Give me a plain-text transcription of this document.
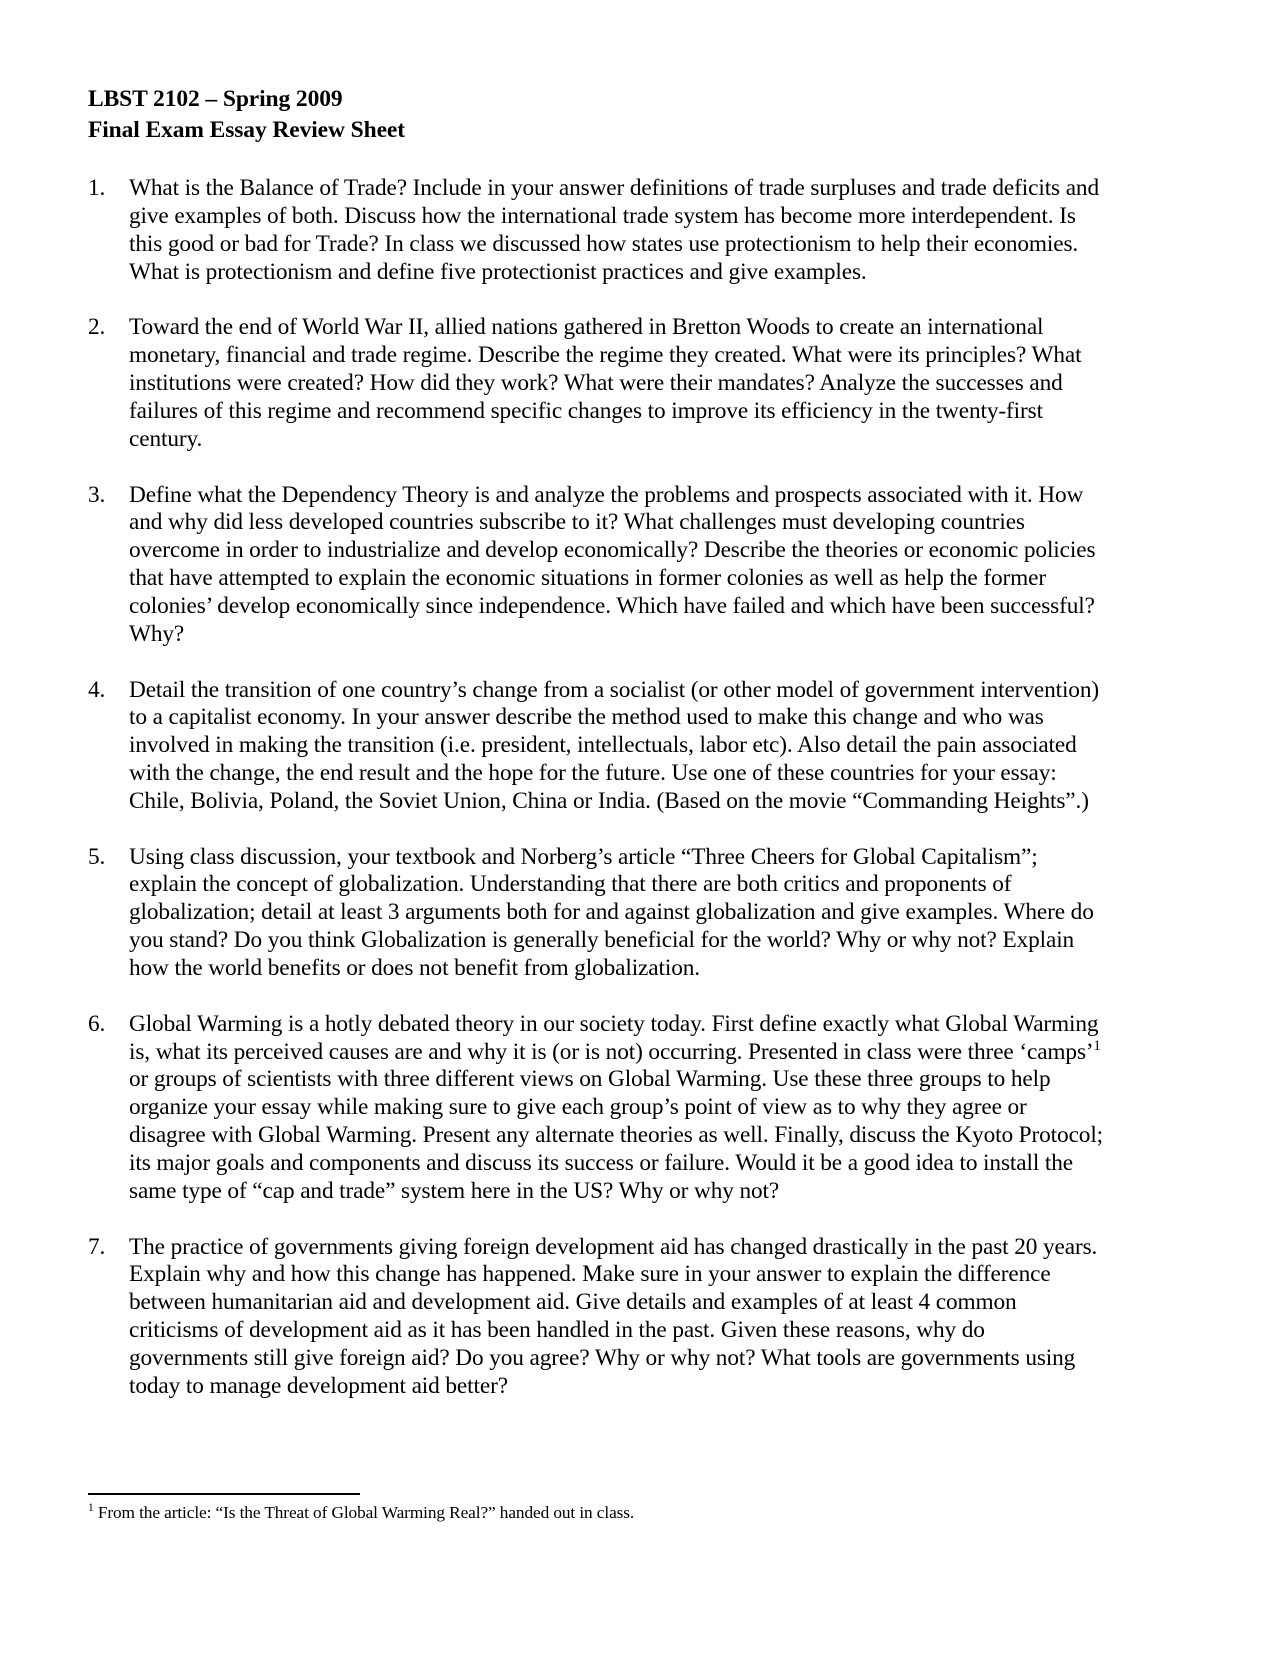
LBST 2102 – Spring 2009
Final Exam Essay Review Sheet
1.	What is the Balance of Trade? Include in your answer definitions of trade surpluses and trade deficits and give examples of both. Discuss how the international trade system has become more interdependent. Is this good or bad for Trade? In class we discussed how states use protectionism to help their economies. What is protectionism and define five protectionist practices and give examples.
2.	Toward the end of World War II, allied nations gathered in Bretton Woods to create an international monetary, financial and trade regime. Describe the regime they created. What were its principles? What institutions were created? How did they work? What were their mandates? Analyze the successes and failures of this regime and recommend specific changes to improve its efficiency in the twenty-first century.
3.	Define what the Dependency Theory is and analyze the problems and prospects associated with it. How and why did less developed countries subscribe to it? What challenges must developing countries overcome in order to industrialize and develop economically? Describe the theories or economic policies that have attempted to explain the economic situations in former colonies as well as help the former colonies’ develop economically since independence. Which have failed and which have been successful? Why?
4.	Detail the transition of one country’s change from a socialist (or other model of government intervention) to a capitalist economy. In your answer describe the method used to make this change and who was involved in making the transition (i.e. president, intellectuals, labor etc). Also detail the pain associated with the change, the end result and the hope for the future. Use one of these countries for your essay: Chile, Bolivia, Poland, the Soviet Union, China or India. (Based on the movie “Commanding Heights”.)
5.	Using class discussion, your textbook and Norberg’s article “Three Cheers for Global Capitalism”; explain the concept of globalization. Understanding that there are both critics and proponents of globalization; detail at least 3 arguments both for and against globalization and give examples. Where do you stand? Do you think Globalization is generally beneficial for the world? Why or why not? Explain how the world benefits or does not benefit from globalization.
6.	Global Warming is a hotly debated theory in our society today. First define exactly what Global Warming is, what its perceived causes are and why it is (or is not) occurring. Presented in class were three ‘camps’$^1$ or groups of scientists with three different views on Global Warming. Use these three groups to help organize your essay while making sure to give each group’s point of view as to why they agree or disagree with Global Warming. Present any alternate theories as well. Finally, discuss the Kyoto Protocol; its major goals and components and discuss its success or failure. Would it be a good idea to install the same type of “cap and trade” system here in the US? Why or why not?
7.	The practice of governments giving foreign development aid has changed drastically in the past 20 years. Explain why and how this change has happened. Make sure in your answer to explain the difference between humanitarian aid and development aid. Give details and examples of at least 4 common criticisms of development aid as it has been handled in the past. Given these reasons, why do governments still give foreign aid? Do you agree? Why or why not? What tools are governments using today to manage development aid better?
$^1$ From the article: “Is the Threat of Global Warming Real?” handed out in class.
